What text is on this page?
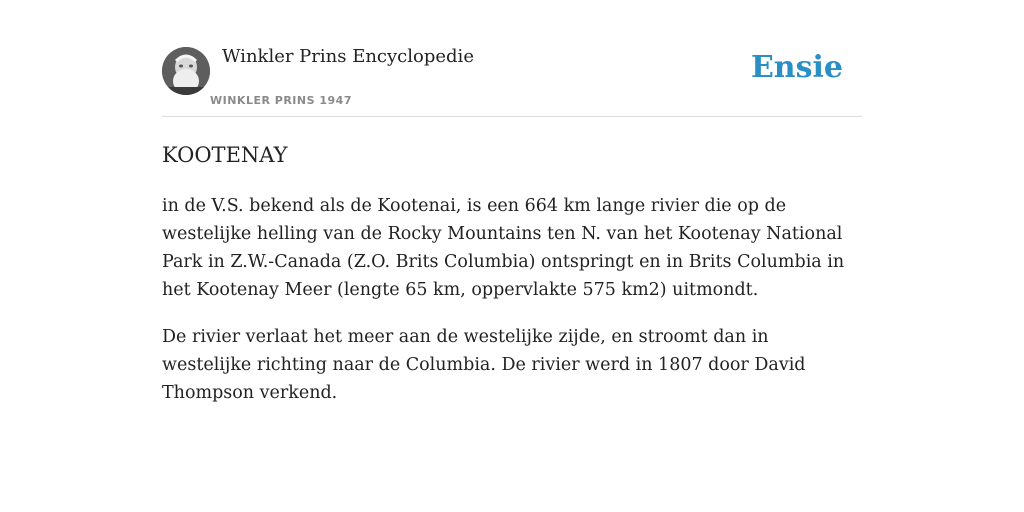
Winkler Prins Encyclopedie
WINKLER PRINS 1947
Ensie
KOOTENAY

in de V.S. bekend als de Kootenai, is een 664 km lange rivier die op de westelijke helling van de Rocky Mountains ten N. van het Kootenay National Park in Z.W.-Canada (Z.O. Brits Columbia) ontspringt en in Brits Columbia in het Kootenay Meer (lengte 65 km, oppervlakte 575 km2) uitmondt.

De rivier verlaat het meer aan de westelijke zijde, en stroomt dan in westelijke richting naar de Columbia. De rivier werd in 1807 door David Thompson verkend.
